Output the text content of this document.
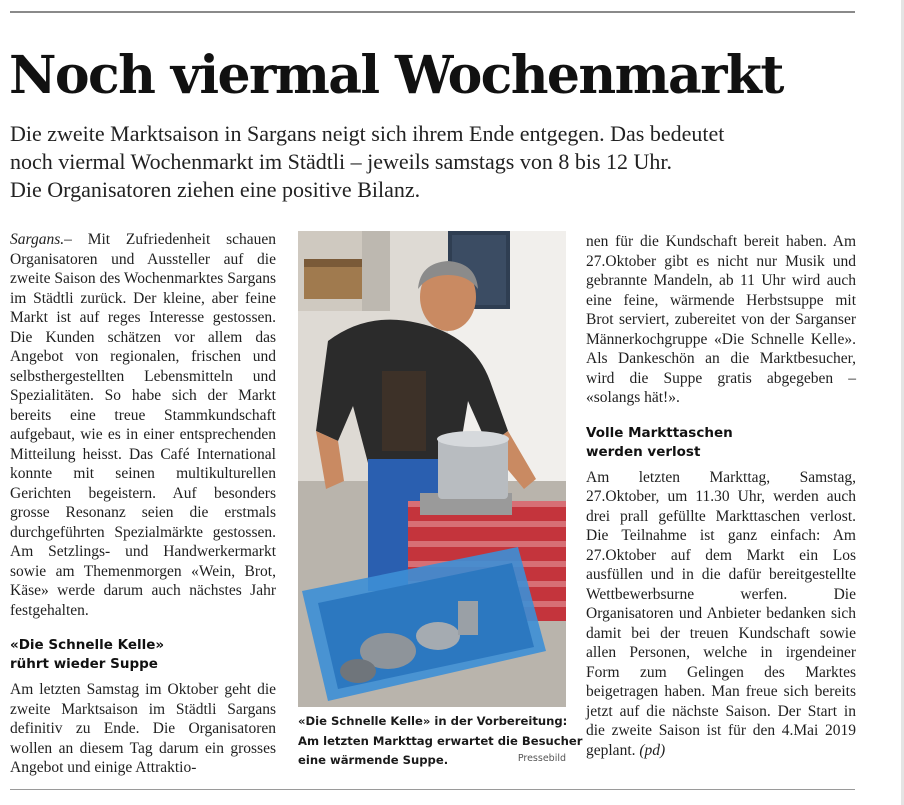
Noch viermal Wochenmarkt

Die zweite Marktsaison in Sargans neigt sich ihrem Ende entgegen. Das bedeutet
noch viermal Wochenmarkt im Städtli – jeweils samstags von 8 bis 12 Uhr.
Die Organisatoren ziehen eine positive Bilanz.

Sargans.– Mit Zufriedenheit schauen Organisatoren und Aussteller auf die zweite Saison des Wochenmarktes Sargans im Städtli zurück. Der kleine, aber feine Markt ist auf reges Interesse gestossen. Die Kunden schätzen vor allem das Angebot von regionalen, frischen und selbsthergestellten Lebensmitteln und Spezialitäten. So habe sich der Markt bereits eine treue Stammkundschaft aufgebaut, wie es in einer entsprechenden Mitteilung heisst. Das Café International konnte mit seinen multikulturellen Gerichten begeistern. Auf besonders grosse Resonanz seien die erstmals durchgeführten Spezialmärkte gestossen. Am Setzlings- und Handwerkermarkt sowie am Themenmorgen «Wein, Brot, Käse» werde darum auch nächstes Jahr festgehalten.

«Die Schnelle Kelle»
rührt wieder Suppe

Am letzten Samstag im Oktober geht die zweite Marktsaison im Städtli Sargans definitiv zu Ende. Die Organisatoren wollen an diesem Tag darum ein grosses Angebot und einige Attraktio-

«Die Schnelle Kelle» in der Vorbereitung:
Am letzten Markttag erwartet die Besucher
eine wärmende Suppe.	Pressebild

nen für die Kundschaft bereit haben. Am 27.Oktober gibt es nicht nur Musik und gebrannte Mandeln, ab 11 Uhr wird auch eine feine, wärmende Herbstsuppe mit Brot serviert, zubereitet von der Sarganser Männerkochgruppe «Die Schnelle Kelle». Als Dankeschön an die Marktbesucher, wird die Suppe gratis abgegeben – «solangs hät!».

Volle Markttaschen
werden verlost

Am letzten Markttag, Samstag, 27.Oktober, um 11.30 Uhr, werden auch drei prall gefüllte Markttaschen verlost. Die Teilnahme ist ganz einfach: Am 27.Oktober auf dem Markt ein Los ausfüllen und in die dafür bereitgestellte Wettbewerbsurne werfen. Die Organisatoren und Anbieter bedanken sich damit bei der treuen Kundschaft sowie allen Personen, welche in irgendeiner Form zum Gelingen des Marktes beigetragen haben. Man freue sich bereits jetzt auf die nächste Saison. Der Start in die zweite Saison ist für den 4.Mai 2019 geplant. (pd)
